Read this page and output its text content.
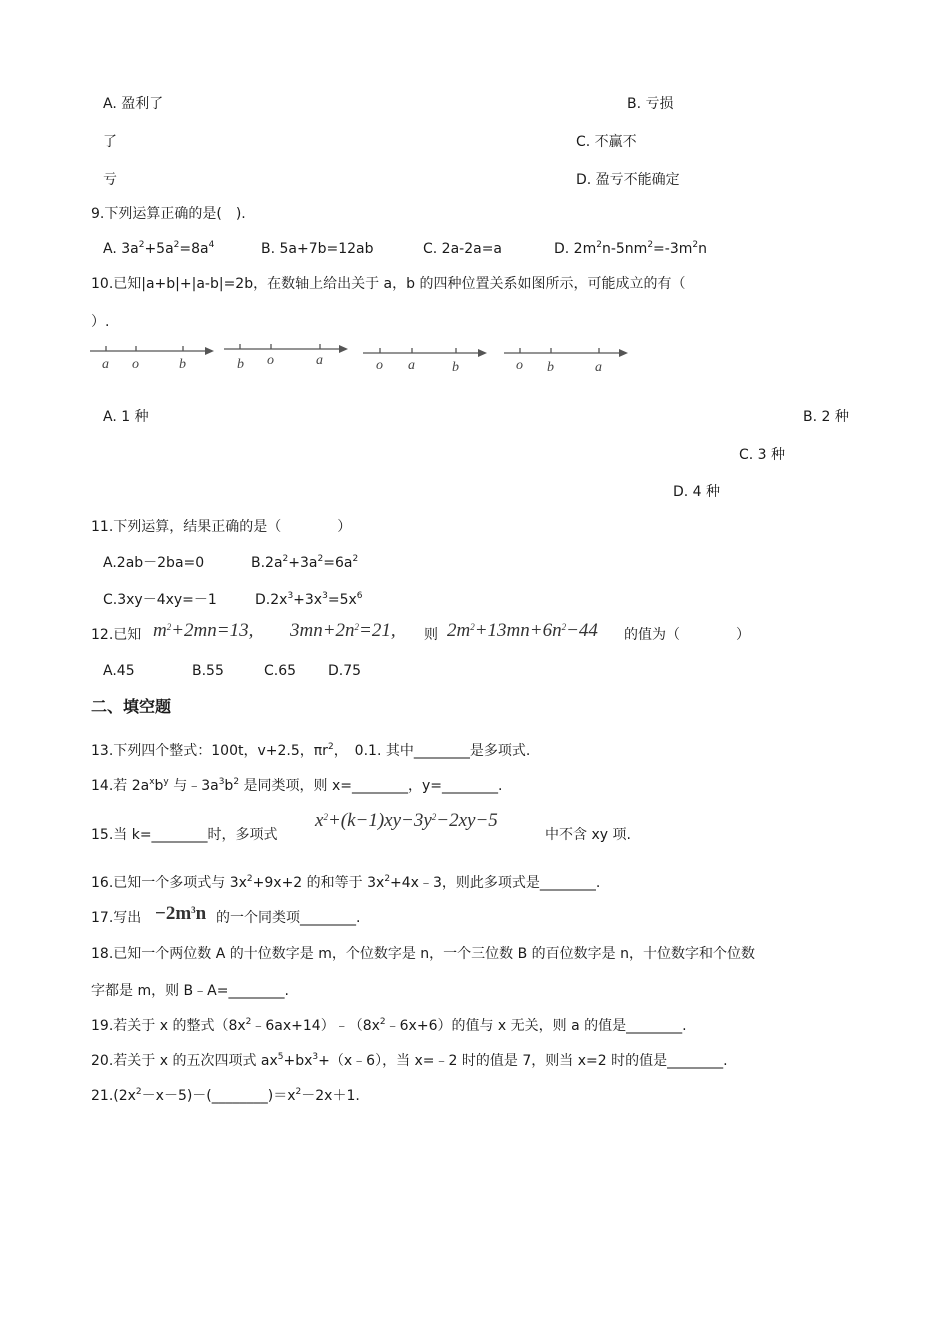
A. 盈利了	B. 亏损
了	C. 不赢不
亏	D. 盈亏不能确定
9.下列运算正确的是(　).
A. $3a^2+5a^2=8a^4$	B. 5a+7b=12ab	C. 2a-2a=a	D. $2m^2n-5nm^2=-3m^2n$
10.已知|a+b|+|a-b|=2b，在数轴上给出关于 a，b 的四种位置关系如图所示，可能成立的有（
）.
a o	b	b o	a	o a	b	o b	a
A. 1 种	B. 2 种
C. 3 种
D. 4 种
11.下列运算，结果正确的是（　　　　）
A.2ab－2ba=0	$B.2a^2+3a^2=6a^2$
C.3xy－4xy=－1	$D.2x^3+3x^3=5x^6$
12.已知 $m^2+2mn=13$, $3mn+2n^2=21$, 则 $2m^2+13mn+6n^2-44$ 的值为（　　　　）
A.45	B.55	C.65 D.75
二、填空题
13.下列四个整式：100t，v+2.5，$\pi r^2$，　0.1. 其中________是多项式.
14.若 $2a^xb^y$ 与$﹣3a^3b^2$ 是同类项，则 x=________，y=________.
15.当 k=________时，多项式
$x^2+(k-1)xy-3y^2-2xy-5$
中不含 xy 项.
16.已知一个多项式与 $3x^2+9x+2$ 的和等于 $3x^2+4x﹣3$，则此多项式是________.
17.写出 $-2m^3n$ 的一个同类项________.
18.已知一个两位数 A 的十位数字是 m，个位数字是 n，一个三位数 B 的百位数字是 n，十位数字和个位数
字都是 m，则 B﹣A=________.
19.若关于 x 的整式$(8x^2﹣6ax+14)﹣(8x^2﹣6x+6)$的值与 x 无关，则 a 的值是________.
20.若关于 x 的五次四项式 $ax^5+bx^3+(x﹣6)$，当 x=﹣2 时的值是 7，则当 x=2 时的值是________.
$21.(2x^2-x-5)-(\_\_\_\_\_\_\_\_)=x^2-2x+1$.
